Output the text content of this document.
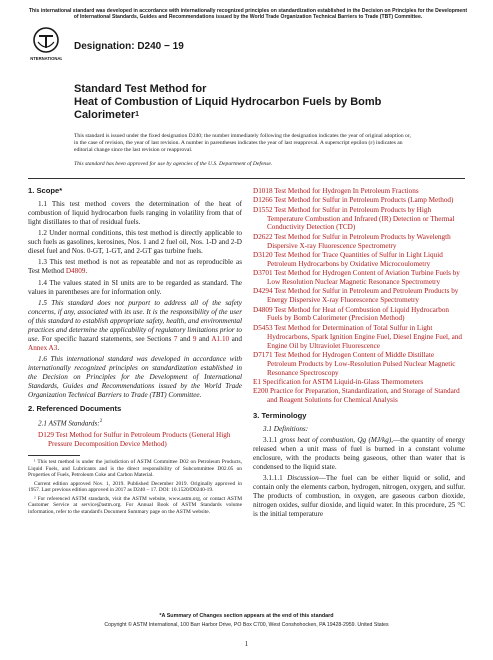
This international standard was developed in accordance with internationally recognized principles on standardization established in the Decision on Principles for the Development of International Standards, Guides and Recommendations issued by the World Trade Organization Technical Barriers to Trade (TBT) Committee.
INTERNATIONAL
Designation: D240 − 19
Standard Test Method for
Heat of Combustion of Liquid Hydrocarbon Fuels by Bomb Calorimeter$^1$
This standard is issued under the fixed designation D240; the number immediately following the designation indicates the year of original adoption or, in the case of revision, the year of last revision. A number in parentheses indicates the year of last reapproval. A superscript epsilon (ε) indicates an editorial change since the last revision or reapproval.
This standard has been approved for use by agencies of the U.S. Department of Defense.
1. Scope*

1.1 This test method covers the determination of the heat of combustion of liquid hydrocarbon fuels ranging in volatility from that of light distillates to that of residual fuels.

1.2 Under normal conditions, this test method is directly applicable to such fuels as gasolines, kerosines, Nos. 1 and 2 fuel oil, Nos. 1-D and 2-D diesel fuel and Nos. 0-GT, 1-GT, and 2-GT gas turbine fuels.

1.3 This test method is not as repeatable and not as reproducible as Test Method D4809.

1.4 The values stated in SI units are to be regarded as standard. The values in parentheses are for information only.

1.5 This standard does not purport to address all of the safety concerns, if any, associated with its use. It is the responsibility of the user of this standard to establish appropriate safety, health, and environmental practices and determine the applicability of regulatory limitations prior to use. For specific hazard statements, see Sections 7 and 9 and A1.10 and Annex A3.

1.6 This international standard was developed in accordance with internationally recognized principles on standardization established in the Decision on Principles for the Development of International Standards, Guides and Recommendations issued by the World Trade Organization Technical Barriers to Trade (TBT) Committee.

2. Referenced Documents

2.1 ASTM Standards:$^2$

D129 Test Method for Sulfur in Petroleum Products (General High Pressure Decomposition Device Method)
D1018 Test Method for Hydrogen In Petroleum Fractions
D1266 Test Method for Sulfur in Petroleum Products (Lamp Method)
D1552 Test Method for Sulfur in Petroleum Products by High Temperature Combustion and Infrared (IR) Detection or Thermal Conductivity Detection (TCD)
D2622 Test Method for Sulfur in Petroleum Products by Wavelength Dispersive X-ray Fluorescence Spectrometry
D3120 Test Method for Trace Quantities of Sulfur in Light Liquid Petroleum Hydrocarbons by Oxidative Microcoulometry
D3701 Test Method for Hydrogen Content of Aviation Turbine Fuels by Low Resolution Nuclear Magnetic Resonance Spectrometry
D4294 Test Method for Sulfur in Petroleum and Petroleum Products by Energy Dispersive X-ray Fluorescence Spectrometry
D4809 Test Method for Heat of Combustion of Liquid Hydrocarbon Fuels by Bomb Calorimeter (Precision Method)
D5453 Test Method for Determination of Total Sulfur in Light Hydrocarbons, Spark Ignition Engine Fuel, Diesel Engine Fuel, and Engine Oil by Ultraviolet Fluorescence
D7171 Test Method for Hydrogen Content of Middle Distillate Petroleum Products by Low-Resolution Pulsed Nuclear Magnetic Resonance Spectroscopy
E1 Specification for ASTM Liquid-in-Glass Thermometers
E200 Practice for Preparation, Standardization, and Storage of Standard and Reagent Solutions for Chemical Analysis
3. Terminology

3.1 Definitions:

3.1.1 gross heat of combustion, Qg (MJ/kg),—the quantity of energy released when a unit mass of fuel is burned in a constant volume enclosure, with the products being gaseous, other than water that is condensed to the liquid state.

3.1.1.1 Discussion—The fuel can be either liquid or solid, and contain only the elements carbon, hydrogen, nitrogen, oxygen, and sulfur. The products of combustion, in oxygen, are gaseous carbon dioxide, nitrogen oxides, sulfur dioxide, and liquid water. In this procedure, 25 °C is the initial temperature

¹ This test method is under the jurisdiction of ASTM Committee D02 on Petroleum Products, Liquid Fuels, and Lubricants and is the direct responsibility of Subcommittee D02.05 on Properties of Fuels, Petroleum Coke and Carbon Material.

Current edition approved Nov. 1, 2019. Published December 2019. Originally approved in 1957. Last previous edition approved in 2017 as D240 – 17. DOI: 10.1520/D0240-19.

² For referenced ASTM standards, visit the ASTM website, www.astm.org, or contact ASTM Customer Service at service@astm.org. For Annual Book of ASTM Standards volume information, refer to the standard's Document Summary page on the ASTM website.

*A Summary of Changes section appears at the end of this standard
Copyright © ASTM International, 100 Barr Harbor Drive, PO Box C700, West Conshohocken, PA 19428-2959. United States
1
